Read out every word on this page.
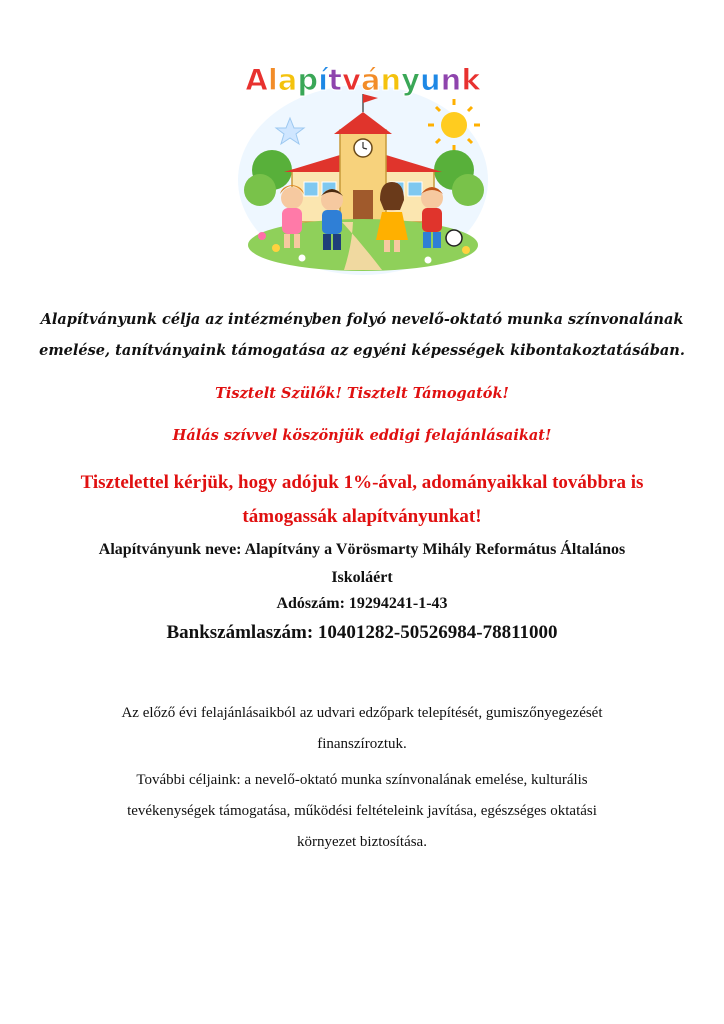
Alapítványunk
Alapítványunk célja az intézményben folyó nevelő-oktató munka színvonalának
emelése, tanítványaink támogatása az egyéni képességek kibontakoztatásában.
Tisztelt Szülők! Tisztelt Támogatók!
Hálás szívvel köszönjük eddigi felajánlásaikat!
Tisztelettel kérjük, hogy adójuk 1%-ával, adományaikkal továbbra is
támogassák alapítványunkat!
Alapítványunk neve: Alapítvány a Vörösmarty Mihály Református Általános
Iskoláért
Adószám: 19294241-1-43
Bankszámlaszám: 10401282-50526984-78811000
Az előző évi felajánlásaikból az udvari edzőpark telepítését, gumiszőnyegezését
finanszíroztuk.
További céljaink: a nevelő-oktató munka színvonalának emelése, kulturális
tevékenységek támogatása, működési feltételeink javítása, egészséges oktatási
környezet biztosítása.
